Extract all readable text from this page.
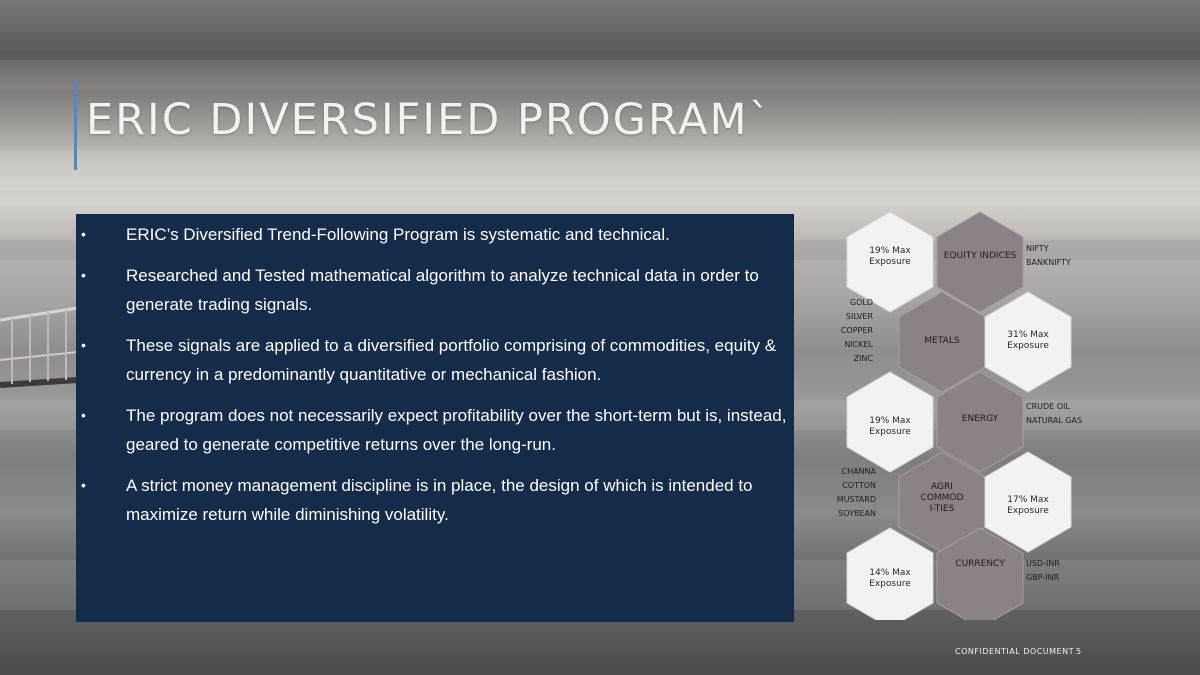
ERIC DIVERSIFIED PROGRAM`
• ERIC’s Diversified Trend-Following Program is systematic and technical.
• Researched and Tested mathematical algorithm to analyze technical data in order to generate trading signals.
• These signals are applied to a diversified portfolio comprising of commodities, equity & currency in a predominantly quantitative or mechanical fashion.
• The program does not necessarily expect profitability over the short-term but is, instead, geared to generate competitive returns over the long-run.
• A strict money management discipline is in place, the design of which is intended to maximize return while diminishing volatility.
19% Max Exposure
EQUITY INDICES
METALS
31% Max Exposure
19% Max Exposure
ENERGY
AGRI COMMOD I-TIES
17% Max Exposure
CURRENCY
14% Max Exposure
NIFTY
BANKNIFTY
GOLD
SILVER
COPPER
NICKEL
ZINC
CRUDE OIL
NATURAL GAS
CHANNA
COTTON
MUSTARD
SOYBEAN
USD-INR
GBP-INR
CONFIDENTIAL DOCUMENT 5
